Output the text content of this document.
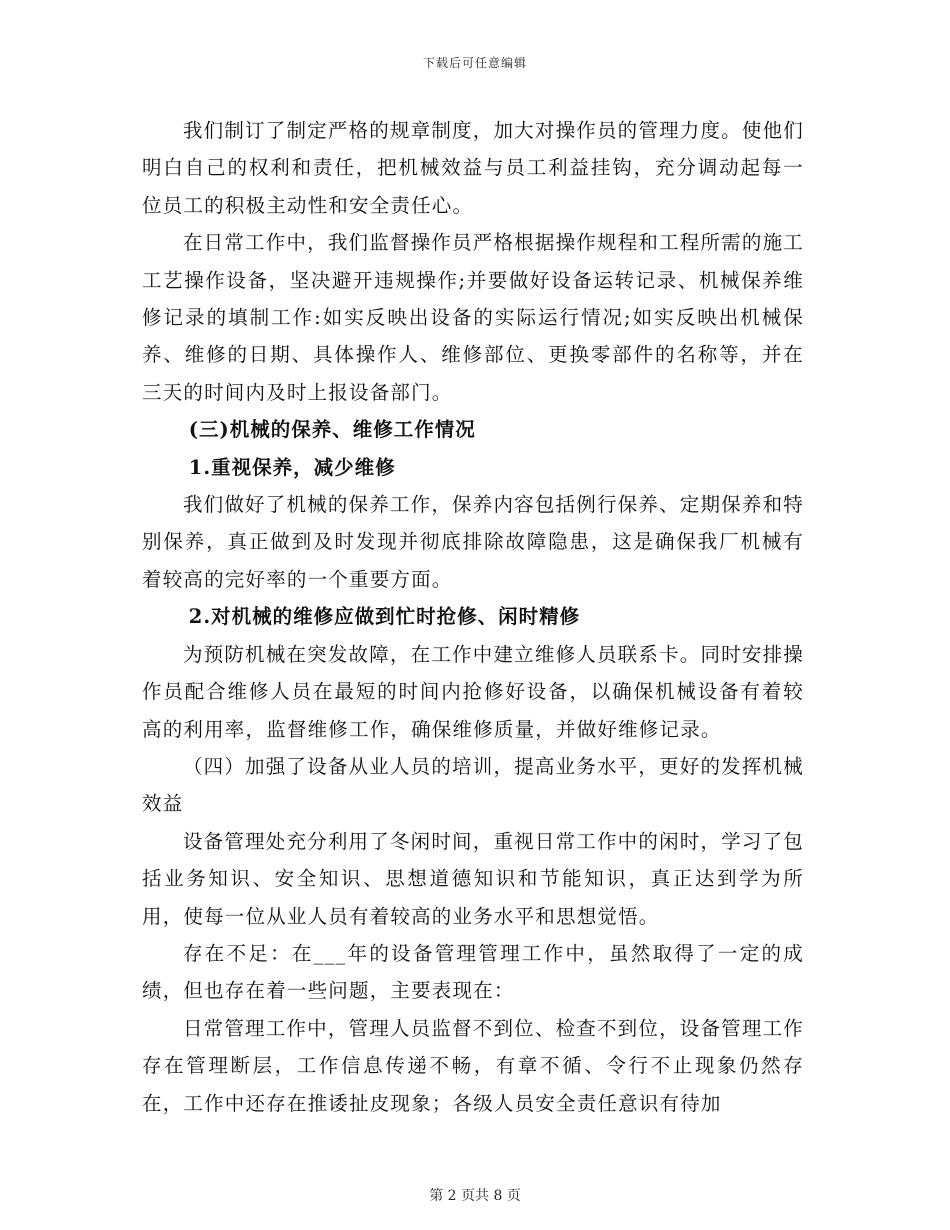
下载后可任意编辑

我们制订了制定严格的规章制度，加大对操作员的管理力度。使他们明白自己的权利和责任，把机械效益与员工利益挂钩，充分调动起每一位员工的积极主动性和安全责任心。

在日常工作中，我们监督操作员严格根据操作规程和工程所需的施工工艺操作设备，坚决避开违规操作;并要做好设备运转记录、机械保养维修记录的填制工作:如实反映出设备的实际运行情况;如实反映出机械保养、维修的日期、具体操作人、维修部位、更换零部件的名称等，并在三天的时间内及时上报设备部门。

(三)机械的保养、维修工作情况

1.重视保养，减少维修

我们做好了机械的保养工作，保养内容包括例行保养、定期保养和特别保养，真正做到及时发现并彻底排除故障隐患，这是确保我厂机械有着较高的完好率的一个重要方面。

2.对机械的维修应做到忙时抢修、闲时精修

为预防机械在突发故障，在工作中建立维修人员联系卡。同时安排操作员配合维修人员在最短的时间内抢修好设备，以确保机械设备有着较高的利用率，监督维修工作，确保维修质量，并做好维修记录。

（四）加强了设备从业人员的培训，提高业务水平，更好的发挥机械效益

设备管理处充分利用了冬闲时间，重视日常工作中的闲时，学习了包括业务知识、安全知识、思想道德知识和节能知识，真正达到学为所用，使每一位从业人员有着较高的业务水平和思想觉悟。

存在不足：在___年的设备管理管理工作中，虽然取得了一定的成绩，但也存在着一些问题，主要表现在：

日常管理工作中，管理人员监督不到位、检查不到位，设备管理工作存在管理断层，工作信息传递不畅，有章不循、令行不止现象仍然存在，工作中还存在推诿扯皮现象；各级人员安全责任意识有待加

第 2 页共 8 页
